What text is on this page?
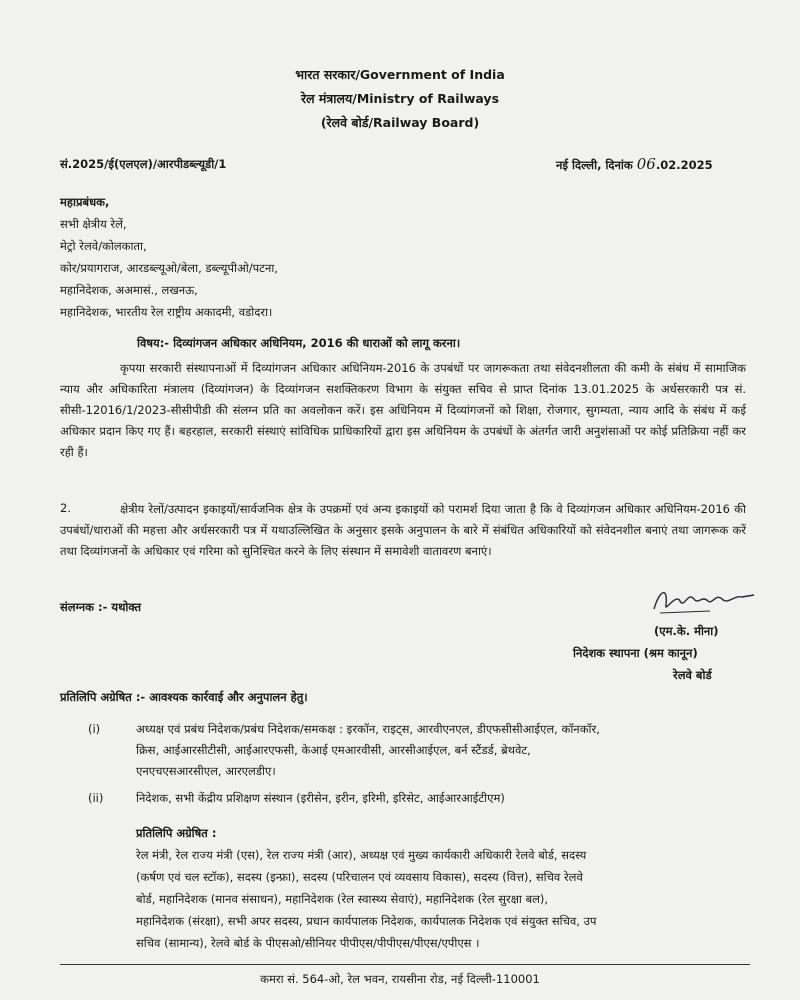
भारत सरकार/Government of India
रेल मंत्रालय/Ministry of Railways
(रेलवे बोर्ड/Railway Board)
सं.2025/ई(एलएल)/आरपीडब्ल्यूडी/1	नई दिल्ली, दिनांक 06.02.2025
महाप्रबंधक,
सभी क्षेत्रीय रेलें,
मेट्रो रेलवे/कोलकाता,
कोर/प्रयागराज, आरडब्ल्यूओ/बेला, डब्ल्यूपीओ/पटना,
महानिदेशक, अअमासं., लखनऊ,
महानिदेशक, भारतीय रेल राष्ट्रीय अकादमी, वडोदरा।
विषय:- दिव्यांगजन अधिकार अधिनियम, 2016 की धाराओं को लागू करना।
कृपया सरकारी संस्थापनाओं में दिव्यांगजन अधिकार अधिनियम-2016 के उपबंधों पर जागरूकता तथा संवेदनशीलता की कमी के संबंध में सामाजिक न्याय और अधिकारिता मंत्रालय (दिव्यांगजन) के दिव्यांगजन सशक्तिकरण विभाग के संयुक्त सचिव से प्राप्त दिनांक 13.01.2025 के अर्धसरकारी पत्र सं. सीसी-12016/1/2023-सीसीपीडी की संलग्न प्रति का अवलोकन करें। इस अधिनियम में दिव्यांगजनों को शिक्षा, रोजगार, सुगम्यता, न्याय आदि के संबंध में कई अधिकार प्रदान किए गए हैं। बहरहाल, सरकारी संस्थाएं सांविधिक प्राधिकारियों द्वारा इस अधिनियम के उपबंधों के अंतर्गत जारी अनुशंसाओं पर कोई प्रतिक्रिया नहीं कर रही हैं।
2.	क्षेत्रीय रेलों/उत्पादन इकाइयों/सार्वजनिक क्षेत्र के उपक्रमों एवं अन्य इकाइयों को परामर्श दिया जाता है कि वे दिव्यांगजन अधिकार अधिनियम-2016 की उपबंधों/धाराओं की महत्ता और अर्धसरकारी पत्र में यथाउल्लिखित के अनुसार इसके अनुपालन के बारे में संबंधित अधिकारियों को संवेदनशील बनाएं तथा जागरूक करें तथा दिव्यांगजनों के अधिकार एवं गरिमा को सुनिश्चित करने के लिए संस्थान में समावेशी वातावरण बनाएं।
संलग्नक :- यथोक्त
(एम.के. मीना)
निदेशक स्थापना (श्रम कानून)
रेलवे बोर्ड
प्रतिलिपि अग्रेषित :- आवश्यक कार्रवाई और अनुपालन हेतु।
(i)	अध्यक्ष एवं प्रबंध निदेशक/प्रबंध निदेशक/समकक्ष : इरकॉन, राइट्स, आरवीएनएल, डीएफसीसीआईएल, कॉनकॉर,
क्रिस, आईआरसीटीसी, आईआरएफसी, केआई एमआरवीसी, आरसीआईएल, बर्न स्टैंडर्ड, ब्रेथवेट,
एनएचएसआरसीएल, आरएलडीए।
(ii)	निदेशक, सभी केंद्रीय प्रशिक्षण संस्थान (इरीसेन, इरीन, इरिमी, इरिसेट, आईआरआईटीएम)
प्रतिलिपि अग्रेषित :
रेल मंत्री, रेल राज्य मंत्री (एस), रेल राज्य मंत्री (आर), अध्यक्ष एवं मुख्य कार्यकारी अधिकारी रेलवे बोर्ड, सदस्य
(कर्षण एवं चल स्टॉक), सदस्य (इन्फ्रा), सदस्य (परिचालन एवं व्यवसाय विकास), सदस्य (वित्त), सचिव रेलवे
बोर्ड, महानिदेशक (मानव संसाधन), महानिदेशक (रेल स्वास्थ्य सेवाएं), महानिदेशक (रेल सुरक्षा बल),
महानिदेशक (संरक्षा), सभी अपर सदस्य, प्रधान कार्यपालक निदेशक, कार्यपालक निदेशक एवं संयुक्त सचिव, उप
सचिव (सामान्य), रेलवे बोर्ड के पीएसओ/सीनियर पीपीएस/पीपीएस/पीएस/एपीएस ।
कमरा सं. 564-ओ, रेल भवन, रायसीना रोड, नई दिल्ली-110001
